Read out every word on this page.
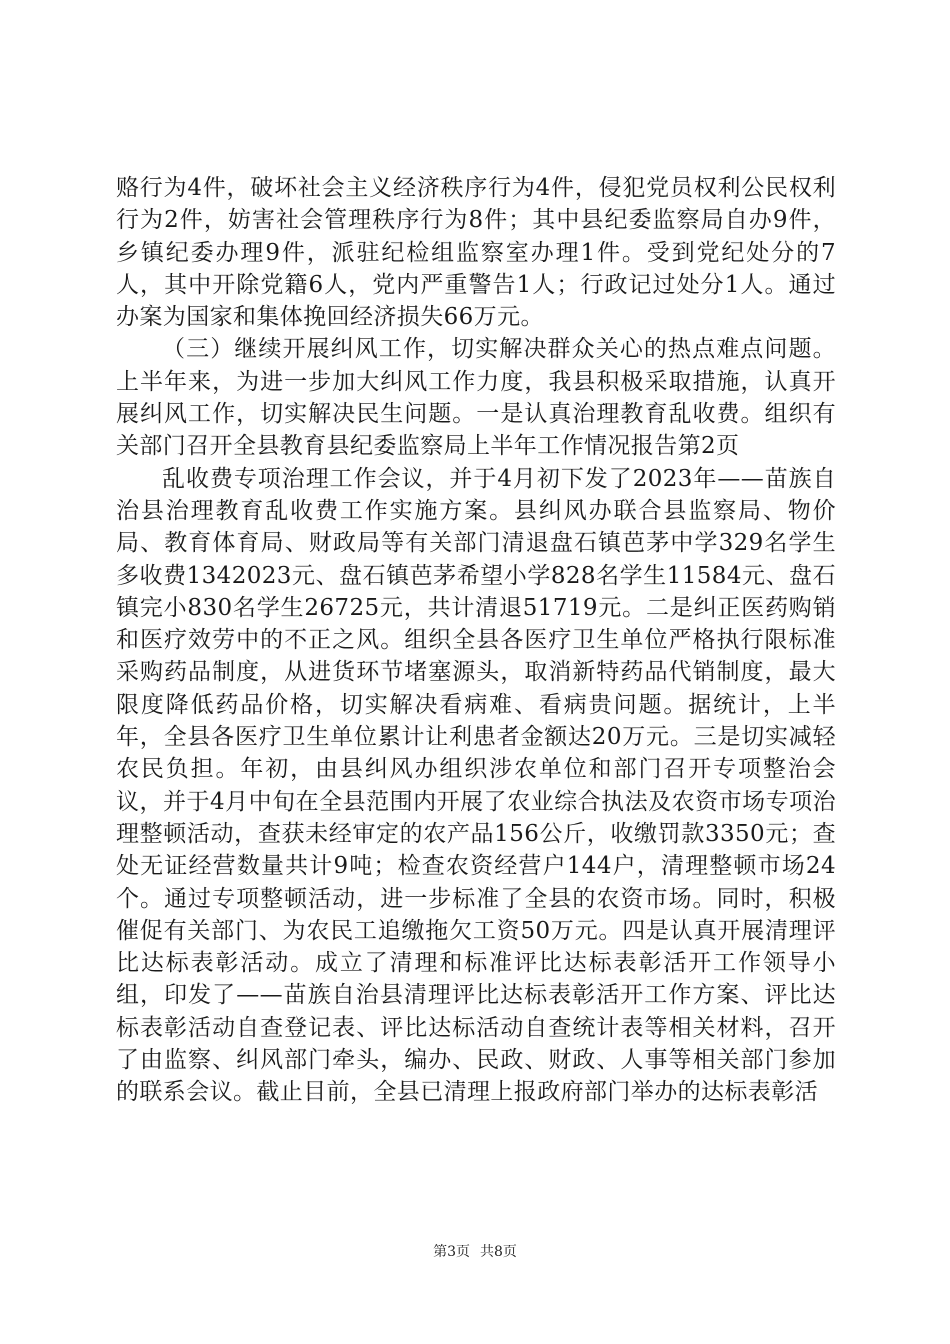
赂行为4件，破坏社会主义经济秩序行为4件，侵犯党员权利公民权利行为2件，妨害社会管理秩序行为8件；其中县纪委监察局自办9件，乡镇纪委办理9件，派驻纪检组监察室办理1件。受到党纪处分的7人，其中开除党籍6人，党内严重警告1人；行政记过处分1人。通过办案为国家和集体挽回经济损失66万元。

（三）继续开展纠风工作，切实解决群众关心的热点难点问题。上半年来，为进一步加大纠风工作力度，我县积极采取措施，认真开展纠风工作，切实解决民生问题。一是认真治理教育乱收费。组织有关部门召开全县教育县纪委监察局上半年工作情况报告第2页

乱收费专项治理工作会议，并于4月初下发了2023年——苗族自治县治理教育乱收费工作实施方案。县纠风办联合县监察局、物价局、教育体育局、财政局等有关部门清退盘石镇芭茅中学329名学生多收费1342023元、盘石镇芭茅希望小学828名学生11584元、盘石镇完小830名学生26725元，共计清退51719元。二是纠正医药购销和医疗效劳中的不正之风。组织全县各医疗卫生单位严格执行限标准采购药品制度，从进货环节堵塞源头，取消新特药品代销制度，最大限度降低药品价格，切实解决看病难、看病贵问题。据统计，上半年，全县各医疗卫生单位累计让利患者金额达20万元。三是切实减轻农民负担。年初，由县纠风办组织涉农单位和部门召开专项整治会议，并于4月中旬在全县范围内开展了农业综合执法及农资市场专项治理整顿活动，查获未经审定的农产品156公斤，收缴罚款3350元；查处无证经营数量共计9吨；检查农资经营户144户，清理整顿市场24个。通过专项整顿活动，进一步标准了全县的农资市场。同时，积极催促有关部门、为农民工追缴拖欠工资50万元。四是认真开展清理评比达标表彰活动。成立了清理和标准评比达标表彰活开工作领导小组，印发了——苗族自治县清理评比达标表彰活开工作方案、评比达标表彰活动自查登记表、评比达标活动自查统计表等相关材料，召开了由监察、纠风部门牵头，编办、民政、财政、人事等相关部门参加的联系会议。截止目前，全县已清理上报政府部门举办的达标表彰活

第3页 共8页
